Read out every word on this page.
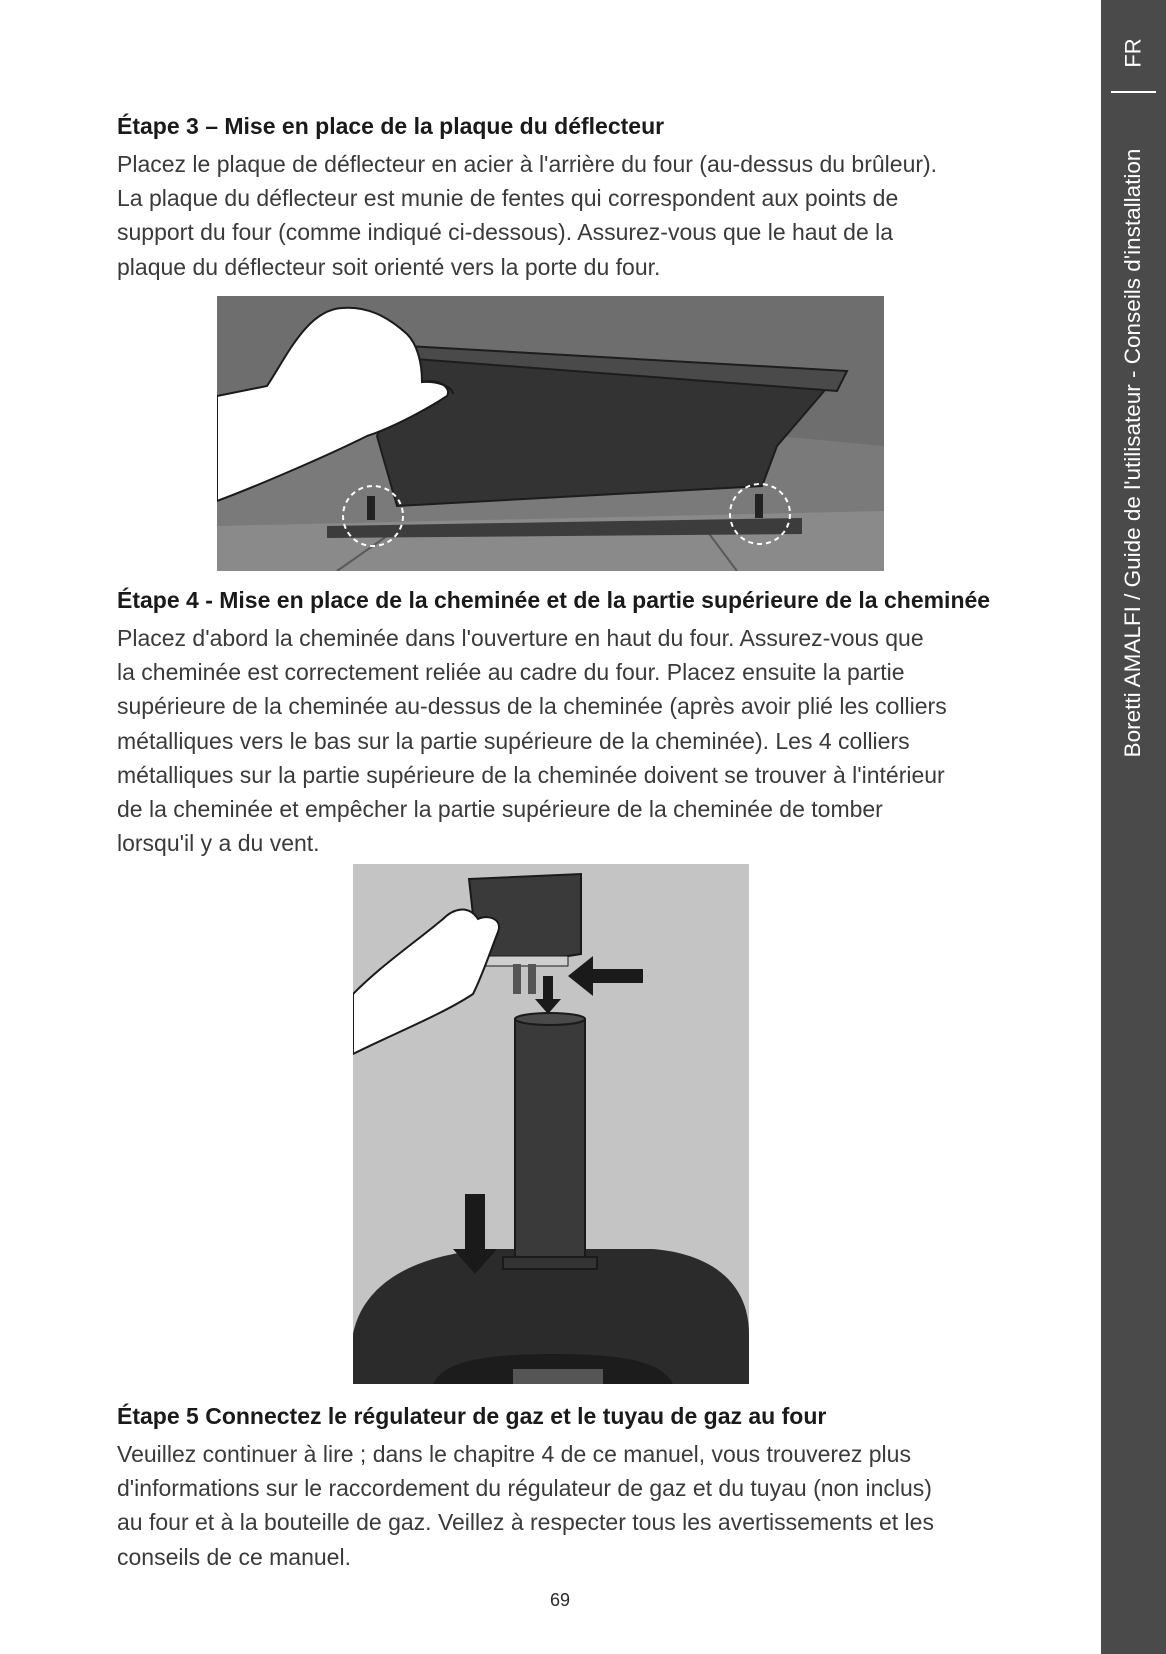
FR
Boretti AMALFI / Guide de l'utilisateur - Conseils d'installation
Étape 3 – Mise en place de la plaque du déflecteur

Placez le plaque de déflecteur en acier à l'arrière du four (au-dessus du brûleur).

La plaque du déflecteur est munie de fentes qui correspondent aux points de

support du four (comme indiqué ci-dessous). Assurez-vous que le haut de la

plaque du déflecteur soit orienté vers la porte du four.

Étape 4 - Mise en place de la cheminée et de la partie supérieure de la cheminée

Placez d'abord la cheminée dans l'ouverture en haut du four. Assurez-vous que

la cheminée est correctement reliée au cadre du four. Placez ensuite la partie

supérieure de la cheminée au-dessus de la cheminée (après avoir plié les colliers

métalliques vers le bas sur la partie supérieure de la cheminée). Les 4 colliers

métalliques sur la partie supérieure de la cheminée doivent se trouver à l'intérieur

de la cheminée et empêcher la partie supérieure de la cheminée de tomber

lorsqu'il y a du vent.

Étape 5 Connectez le régulateur de gaz et le tuyau de gaz au four

Veuillez continuer à lire ; dans le chapitre 4 de ce manuel, vous trouverez plus

d'informations sur le raccordement du régulateur de gaz et du tuyau (non inclus)

au four et à la bouteille de gaz. Veillez à respecter tous les avertissements et les

conseils de ce manuel.

69
